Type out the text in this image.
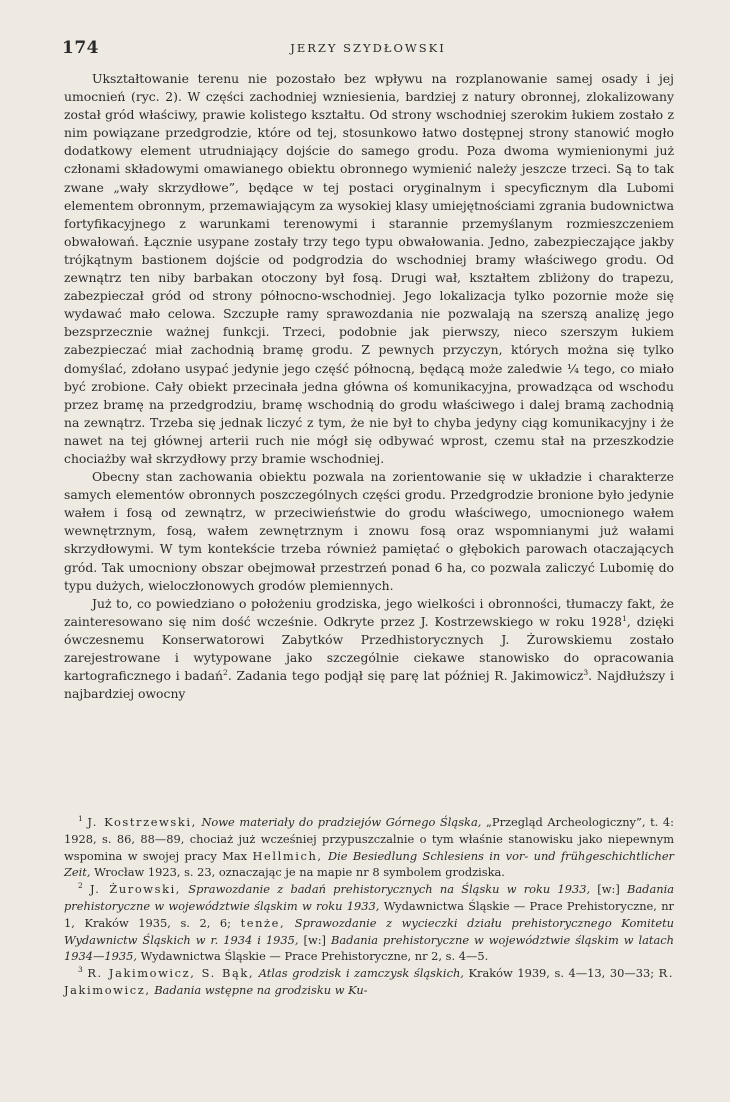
174	JERZY SZYDŁOWSKI

Ukształtowanie terenu nie pozostało bez wpływu na rozplanowanie samej osady i jej umocnień (ryc. 2). W części zachodniej wzniesienia, bardziej z natury obronnej, zlokalizowany został gród właściwy, prawie kolistego kształtu. Od strony wschodniej szerokim łukiem zostało z nim powiązane przedgrodzie, które od tej, stosunkowo łatwo dostępnej strony stanowić mogło dodatkowy element utrudniający dojście do samego grodu. Poza dwoma wymienionymi już członami składowymi omawianego obiektu obronnego wymienić należy jeszcze trzeci. Są to tak zwane „wały skrzydłowe”, będące w tej postaci oryginalnym i specyficznym dla Lubomi elementem obronnym, przemawiającym za wysokiej klasy umiejętnościami zgrania budownictwa fortyfikacyjnego z warunkami terenowymi i starannie przemyślanym rozmieszczeniem obwałowań. Łącznie usypane zostały trzy tego typu obwałowania. Jedno, zabezpieczające jakby trójkątnym bastionem dojście od podgrodzia do wschodniej bramy właściwego grodu. Od zewnątrz ten niby barbakan otoczony był fosą. Drugi wał, kształtem zbliżony do trapezu, zabezpieczał gród od strony północno-wschodniej. Jego lokalizacja tylko pozornie może się wydawać mało celowa. Szczupłe ramy sprawozdania nie pozwalają na szerszą analizę jego bezsprzecznie ważnej funkcji. Trzeci, podobnie jak pierwszy, nieco szerszym łukiem zabezpieczać miał zachodnią bramę grodu. Z pewnych przyczyn, których można się tylko domyślać, zdołano usypać jedynie jego część północną, będącą może zaledwie ¼ tego, co miało być zrobione. Cały obiekt przecinała jedna główna oś komunikacyjna, prowadząca od wschodu przez bramę na przedgrodziu, bramę wschodnią do grodu właściwego i dalej bramą zachodnią na zewnątrz. Trzeba się jednak liczyć z tym, że nie był to chyba jedyny ciąg komunikacyjny i że nawet na tej głównej arterii ruch nie mógł się odbywać wprost, czemu stał na przeszkodzie chociażby wał skrzydłowy przy bramie wschodniej.

Obecny stan zachowania obiektu pozwala na zorientowanie się w układzie i charakterze samych elementów obronnych poszczególnych części grodu. Przedgrodzie bronione było jedynie wałem i fosą od zewnątrz, w przeciwieństwie do grodu właściwego, umocnionego wałem wewnętrznym, fosą, wałem zewnętrznym i znowu fosą oraz wspomnianymi już wałami skrzydłowymi. W tym kontekście trzeba również pamiętać o głębokich parowach otaczających gród. Tak umocniony obszar obejmował przestrzeń ponad 6 ha, co pozwala zaliczyć Lubomię do typu dużych, wieloczłonowych grodów plemiennych.

Już to, co powiedziano o położeniu grodziska, jego wielkości i obronności, tłumaczy fakt, że zainteresowano się nim dość wcześnie. Odkryte przez J. Kostrzewskiego w roku 1928$^1$, dzięki ówczesnemu Konserwatorowi Zabytków Przedhistorycznych J. Żurowskiemu zostało zarejestrowane i wytypowane jako szczególnie ciekawe stanowisko do opracowania kartograficznego i badań$^2$. Zadania tego podjął się parę lat później R. Jakimowicz$^3$. Najdłuższy i najbardziej owocny

$^1$ J. Kostrzewski, Nowe materiały do pradziejów Górnego Śląska, „Przegląd Archeologiczny”, t. 4: 1928, s. 86, 88—89, chociaż już wcześniej przypuszczalnie o tym właśnie stanowisku jako niepewnym wspomina w swojej pracy Max Hellmich, Die Besiedlung Schlesiens in vor- und frühgeschichtlicher Zeit, Wrocław 1923, s. 23, oznaczając je na mapie nr 8 symbolem grodziska.

$^2$ J. Żurowski, Sprawozdanie z badań prehistorycznych na Śląsku w roku 1933, [w:] Badania prehistoryczne w województwie śląskim w roku 1933, Wydawnictwa Śląskie — Prace Prehistoryczne, nr 1, Kraków 1935, s. 2, 6; tenże, Sprawozdanie z wycieczki działu prehistorycznego Komitetu Wydawnictw Śląskich w r. 1934 i 1935, [w:] Badania prehistoryczne w województwie śląskim w latach 1934—1935, Wydawnictwa Śląskie — Prace Prehistoryczne, nr 2, s. 4—5.

$^3$ R. Jakimowicz, S. Bąk, Atlas grodzisk i zamczysk śląskich, Kraków 1939, s. 4—13, 30—33; R. Jakimowicz, Badania wstępne na grodzisku w Ku-
